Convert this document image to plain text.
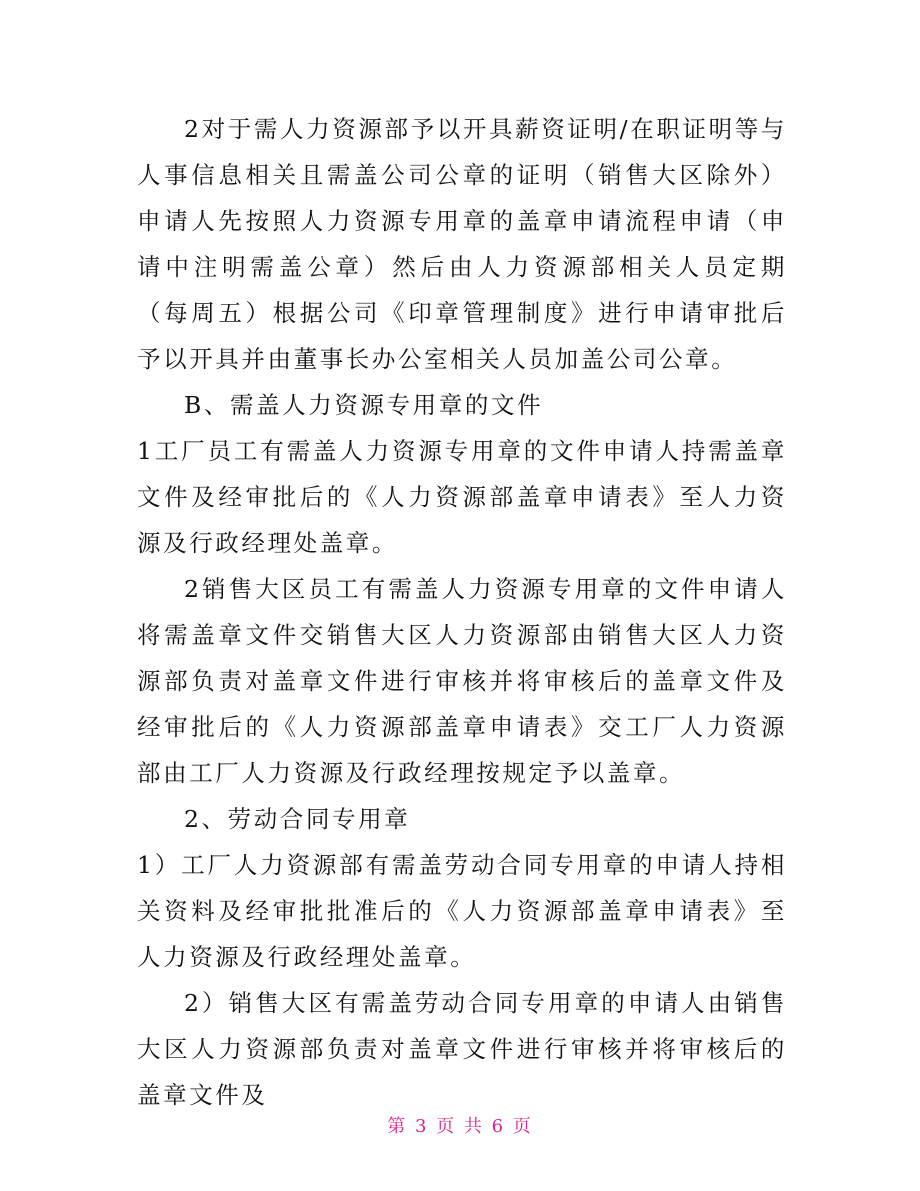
2对于需人力资源部予以开具薪资证明/在职证明等与人事信息相关且需盖公司公章的证明（销售大区除外）申请人先按照人力资源专用章的盖章申请流程申请（申请中注明需盖公章）然后由人力资源部相关人员定期（每周五）根据公司《印章管理制度》进行申请审批后予以开具并由董事长办公室相关人员加盖公司公章。

B、需盖人力资源专用章的文件

1工厂员工有需盖人力资源专用章的文件申请人持需盖章文件及经审批后的《人力资源部盖章申请表》至人力资源及行政经理处盖章。

2销售大区员工有需盖人力资源专用章的文件申请人将需盖章文件交销售大区人力资源部由销售大区人力资源部负责对盖章文件进行审核并将审核后的盖章文件及经审批后的《人力资源部盖章申请表》交工厂人力资源部由工厂人力资源及行政经理按规定予以盖章。

2、劳动合同专用章

1）工厂人力资源部有需盖劳动合同专用章的申请人持相关资料及经审批批准后的《人力资源部盖章申请表》至人力资源及行政经理处盖章。

2）销售大区有需盖劳动合同专用章的申请人由销售大区人力资源部负责对盖章文件进行审核并将审核后的盖章文件及

第 3 页 共 6 页
